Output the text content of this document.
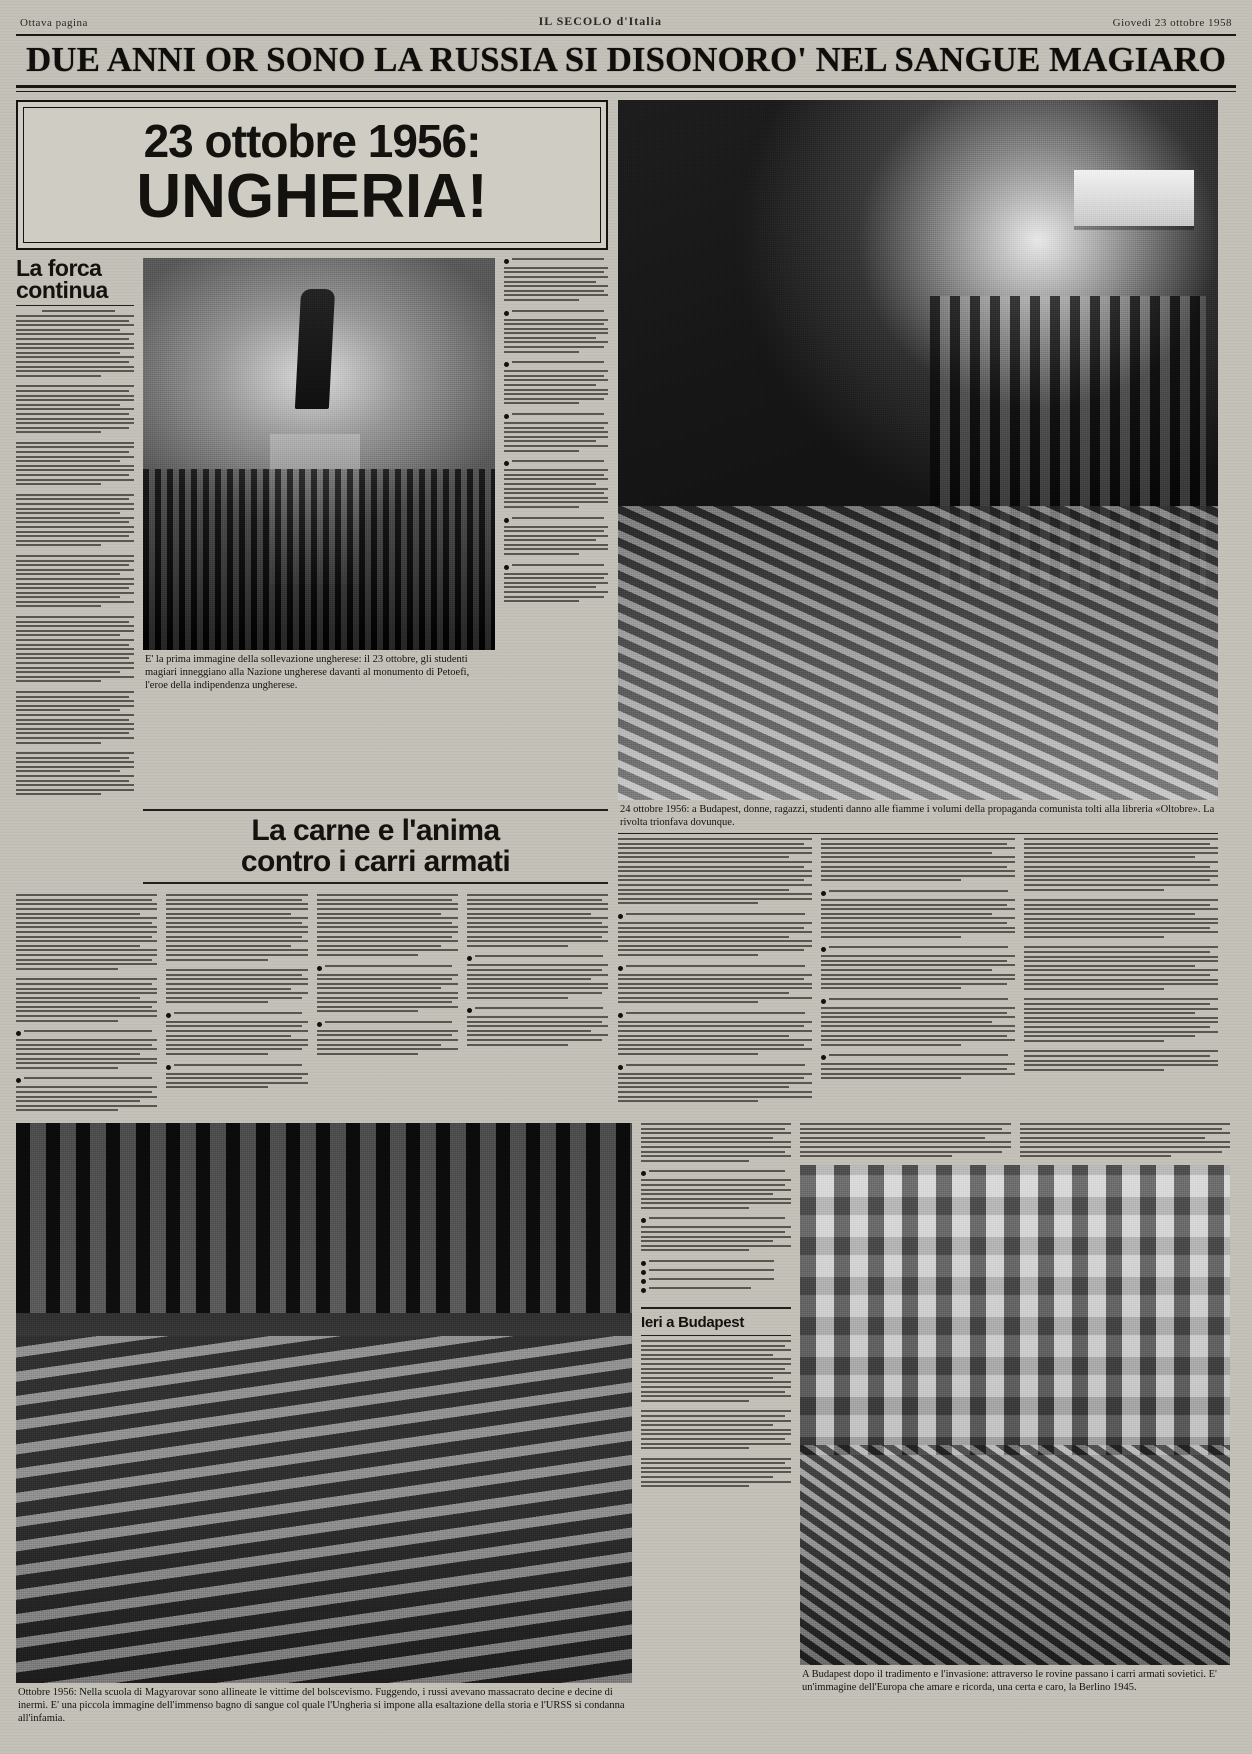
Ottava pagina	IL SECOLO d'Italia	Giovedì 23 ottobre 1958
DUE ANNI OR SONO LA RUSSIA SI DISONORO' NEL SANGUE MAGIARO
23 ottobre 1956:
UNGHERIA!
La forca
continua
E' la prima immagine della sollevazione ungherese: il 23 ottobre, gli studenti magiari inneggiano alla Nazione ungherese davanti al monumento di Petoefi, l'eroe della indipendenza ungherese.
La carne e l'anima
contro i carri armati
24 ottobre 1956: a Budapest, donne, ragazzi, studenti danno alle fiamme i volumi della propaganda comunista tolti alla libreria «Oltobre». La rivolta trionfava dovunque.
Ottobre 1956: Nella scuola di Magyarovar sono allineate le vittime del bolscevismo. Fuggendo, i russi avevano massacrato decine e decine di inermi. E' una piccola immagine dell'immenso bagno di sangue col quale l'Ungheria si impone alla esaltazione della storia e l'URSS si condanna all'infamia.
Ieri a Budapest
A Budapest dopo il tradimento e l'invasione: attraverso le rovine passano i carri armati sovietici. E' un'immagine dell'Europa che amare e ricorda, una certa e caro, la Berlino 1945.
